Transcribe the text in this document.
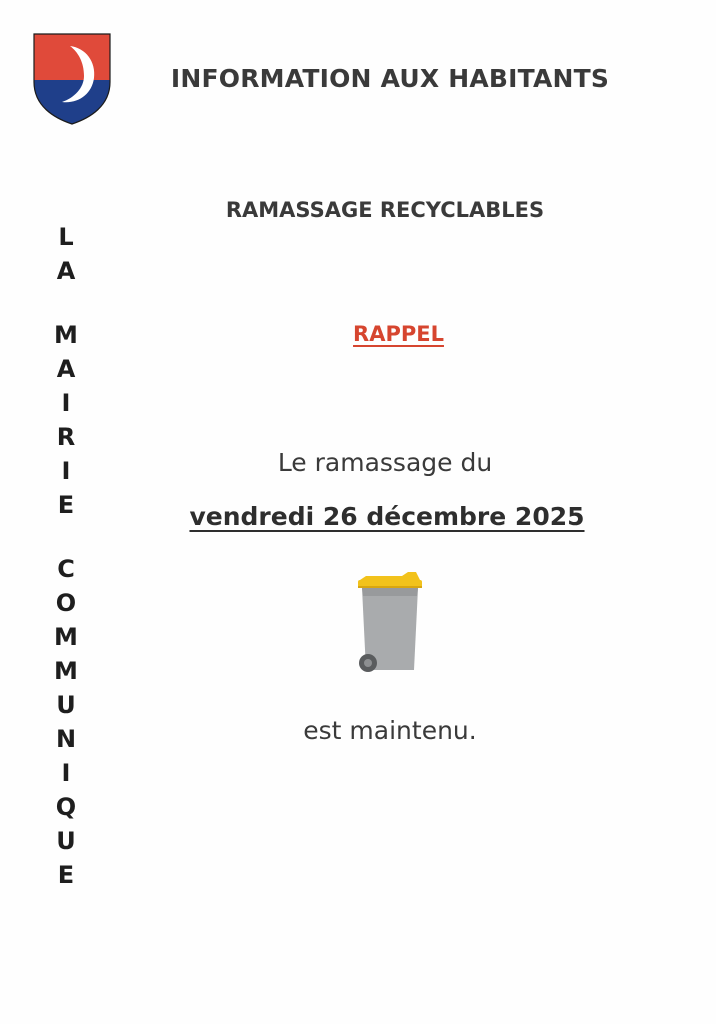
L
A
M
A
I
R
I
E
C
O
M
M
U
N
I
Q
U
E
INFORMATION AUX HABITANTS
RAMASSAGE RECYCLABLES
RAPPEL
Le ramassage du
vendredi 26 décembre 2025
est maintenu.
